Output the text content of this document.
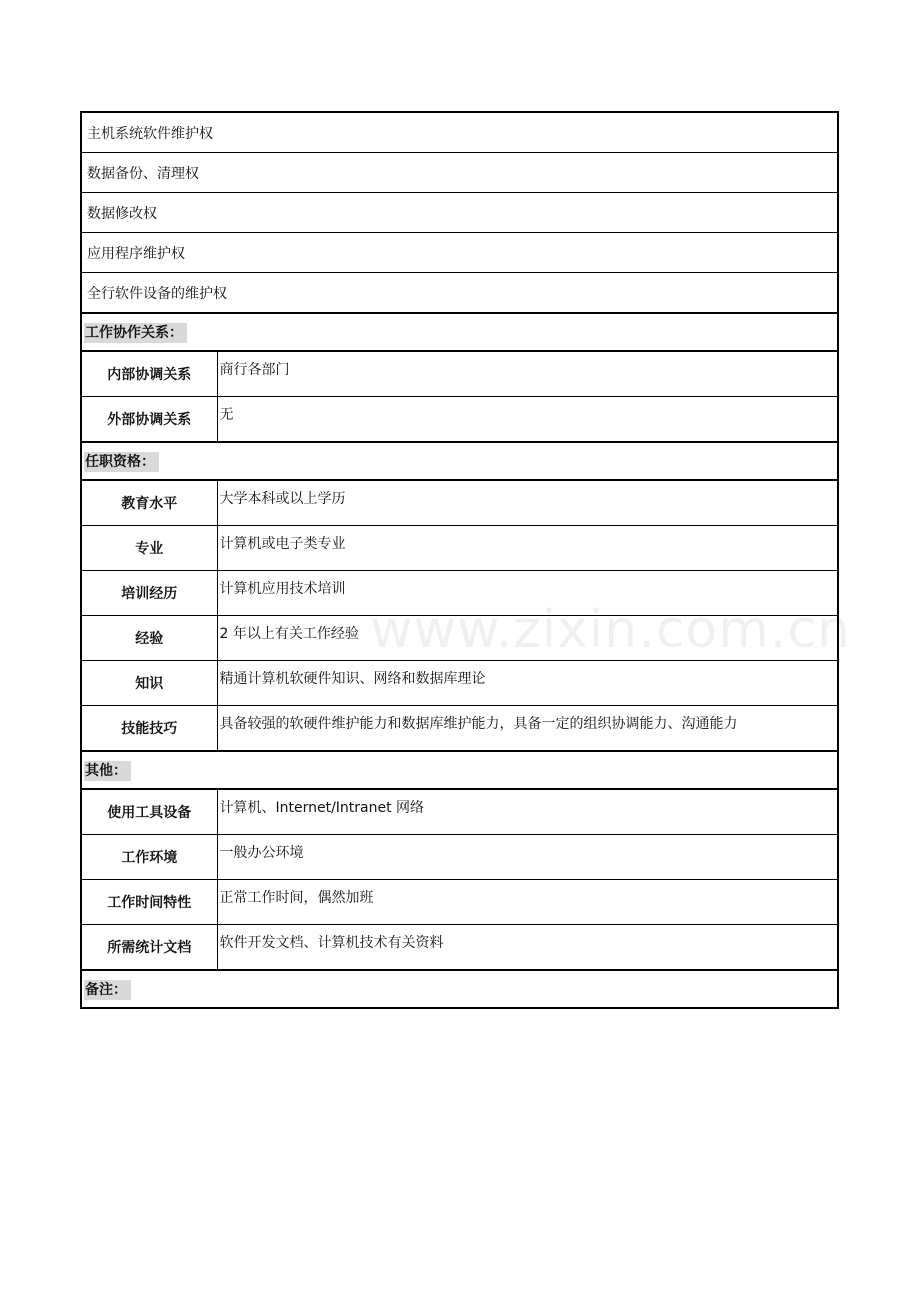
主机系统软件维护权	
数据备份、清理权	
数据修改权	
应用程序维护权	
全行软件设备的维护权	
工作协作关系：	
内部协调关系	商行各部门
外部协调关系	无
任职资格：	
教育水平	大学本科或以上学历
专业	计算机或电子类专业
培训经历	计算机应用技术培训
经验	2 年以上有关工作经验
知识	精通计算机软硬件知识、网络和数据库理论
技能技巧	具备较强的软硬件维护能力和数据库维护能力，具备一定的组织协调能力、沟通能力
其他：	
使用工具设备	计算机、Internet/Intranet 网络
工作环境	一般办公环境
工作时间特性	正常工作时间，偶然加班
所需统计文档	软件开发文档、计算机技术有关资料
备注：	
www.zixin.com.cn
